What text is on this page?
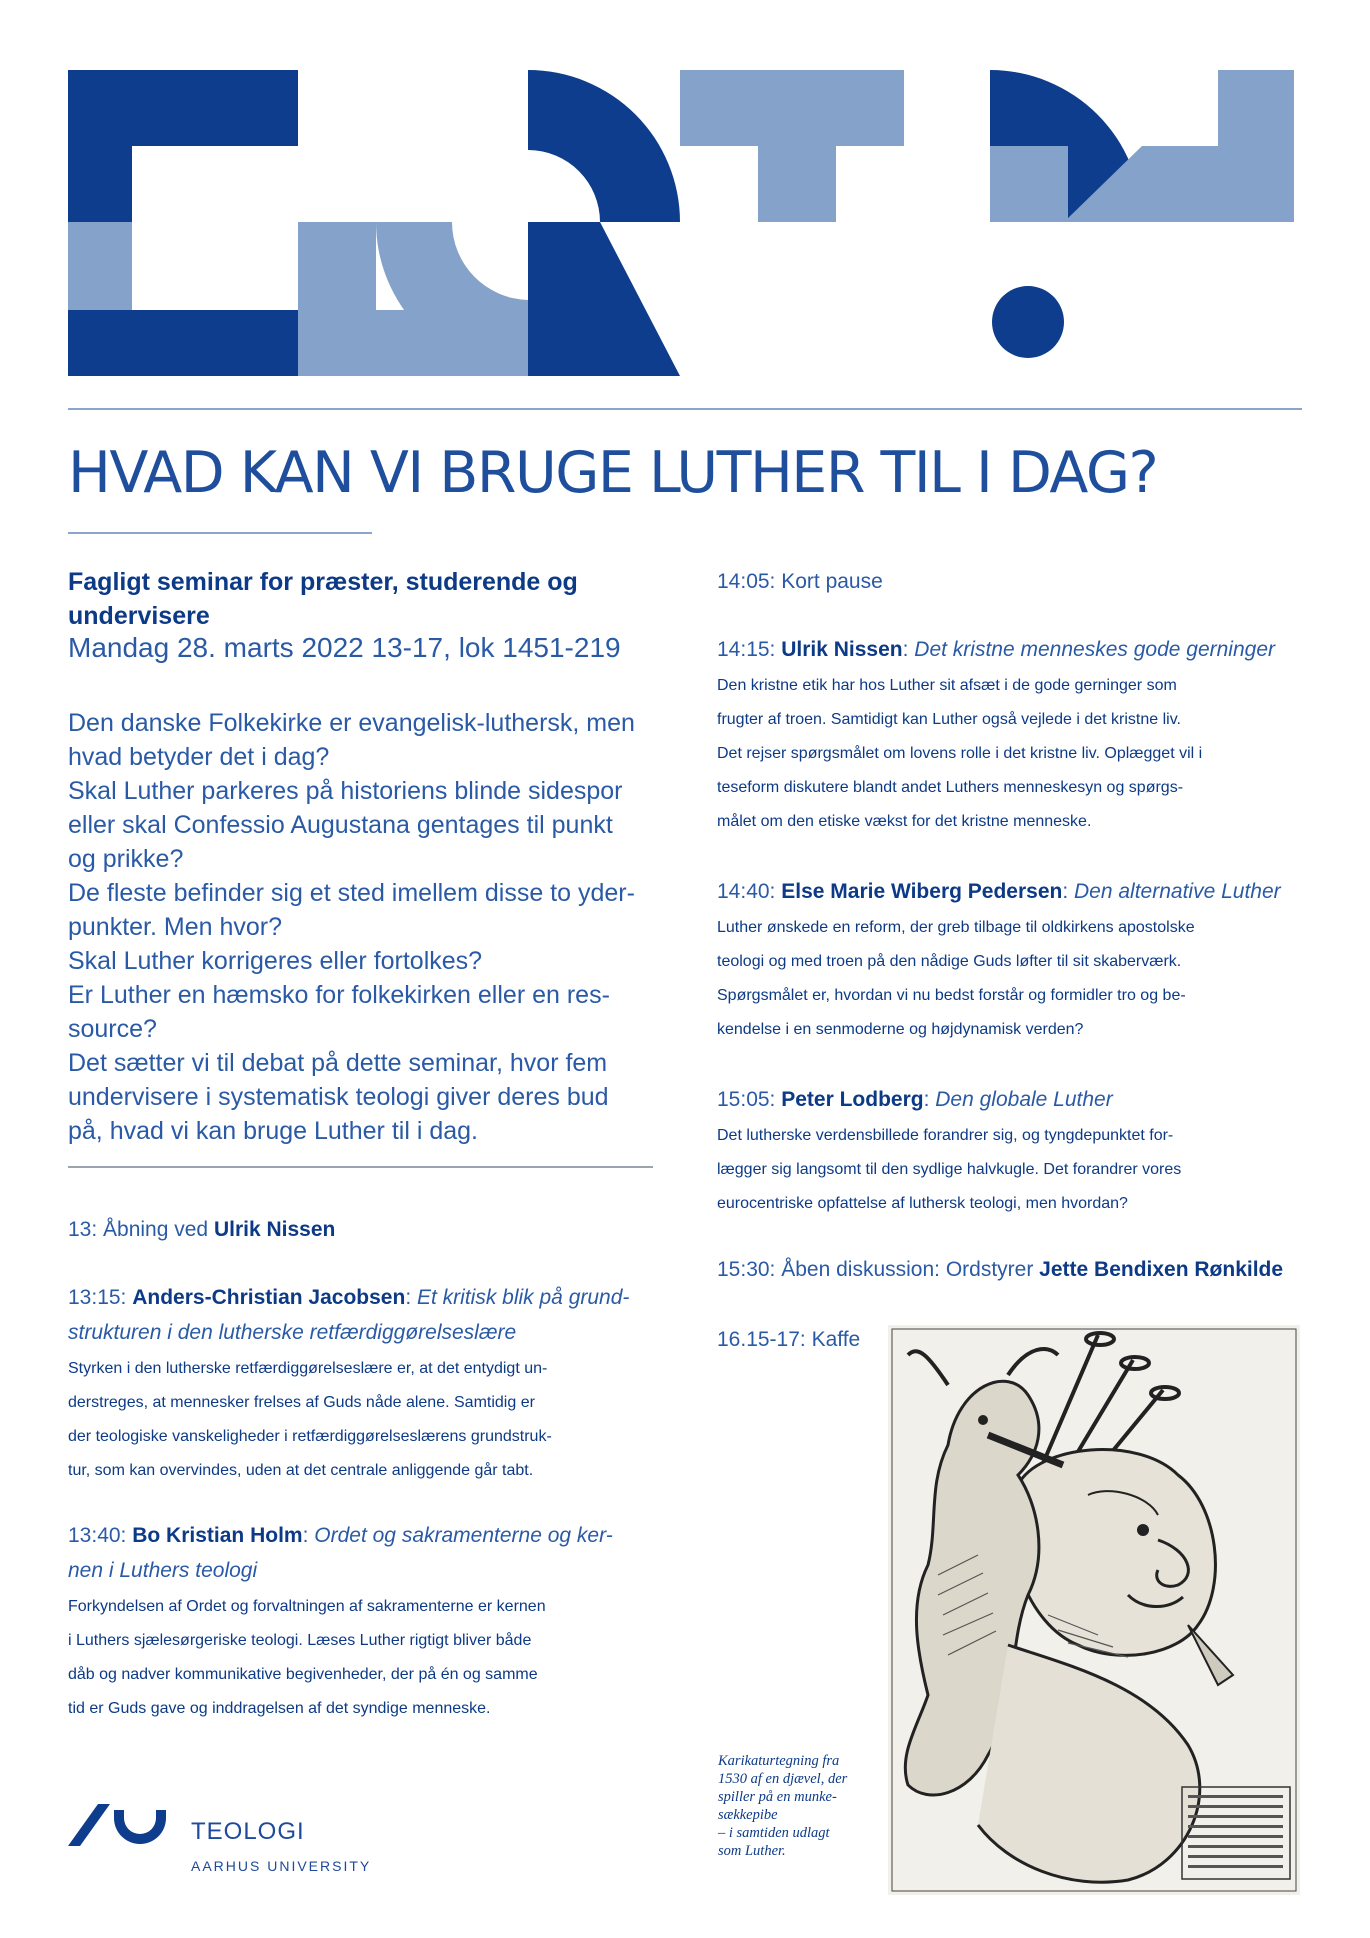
HVAD KAN VI BRUGE LUTHER TIL I DAG?
Fagligt seminar for præster, studerende og undervisere
Mandag 28. marts 2022 13-17, lok 1451-219

Den danske Folkekirke er evangelisk-luthersk, men

hvad betyder det i dag?

Skal Luther parkeres på historiens blinde sidespor

eller skal Confessio Augustana gentages til punkt

og prikke?

De fleste befinder sig et sted imellem disse to yder-

punkter. Men hvor?

Skal Luther korrigeres eller fortolkes?

Er Luther en hæmsko for folkekirken eller en res-

source?

Det sætter vi til debat på dette seminar, hvor fem

undervisere i systematisk teologi giver deres bud

på, hvad vi kan bruge Luther til i dag.

13: Åbning ved Ulrik Nissen
13:15: Anders-Christian Jacobsen: Et kritisk blik på grund-
strukturen i den lutherske retfærdiggørelseslære
Styrken i den lutherske retfærdiggørelseslære er, at det entydigt un-
derstreges, at mennesker frelses af Guds nåde alene. Samtidig er
der teologiske vanskeligheder i retfærdiggørelseslærens grundstruk-
tur, som kan overvindes, uden at det centrale anliggende går tabt.
13:40: Bo Kristian Holm: Ordet og sakramenterne og ker-
nen i Luthers teologi
Forkyndelsen af Ordet og forvaltningen af sakramenterne er kernen
i Luthers sjælesørgeriske teologi. Læses Luther rigtigt bliver både
dåb og nadver kommunikative begivenheder, der på én og samme
tid er Guds gave og inddragelsen af det syndige menneske.
14:05: Kort pause
14:15: Ulrik Nissen: Det kristne menneskes gode gerninger
Den kristne etik har hos Luther sit afsæt i de gode gerninger som
frugter af troen. Samtidigt kan Luther også vejlede i det kristne liv.
Det rejser spørgsmålet om lovens rolle i det kristne liv. Oplægget vil i
teseform diskutere blandt andet Luthers menneskesyn og spørgs-
målet om den etiske vækst for det kristne menneske.
14:40: Else Marie Wiberg Pedersen: Den alternative Luther
Luther ønskede en reform, der greb tilbage til oldkirkens apostolske
teologi og med troen på den nådige Guds løfter til sit skaberværk.
Spørgsmålet er, hvordan vi nu bedst forstår og formidler tro og be-
kendelse i en senmoderne og højdynamisk verden?
15:05: Peter Lodberg: Den globale Luther
Det lutherske verdensbillede forandrer sig, og tyngdepunktet for-
lægger sig langsomt til den sydlige halvkugle. Det forandrer vores
eurocentriske opfattelse af luthersk teologi, men hvordan?
15:30: Åben diskussion: Ordstyrer Jette Bendixen Rønkilde
16.15-17: Kaffe
Karikaturtegning fra
1530 af en djævel, der
spiller på en munke-
sækkepibe
– i samtiden udlagt
som Luther.
TEOLOGI
AARHUS UNIVERSITY
